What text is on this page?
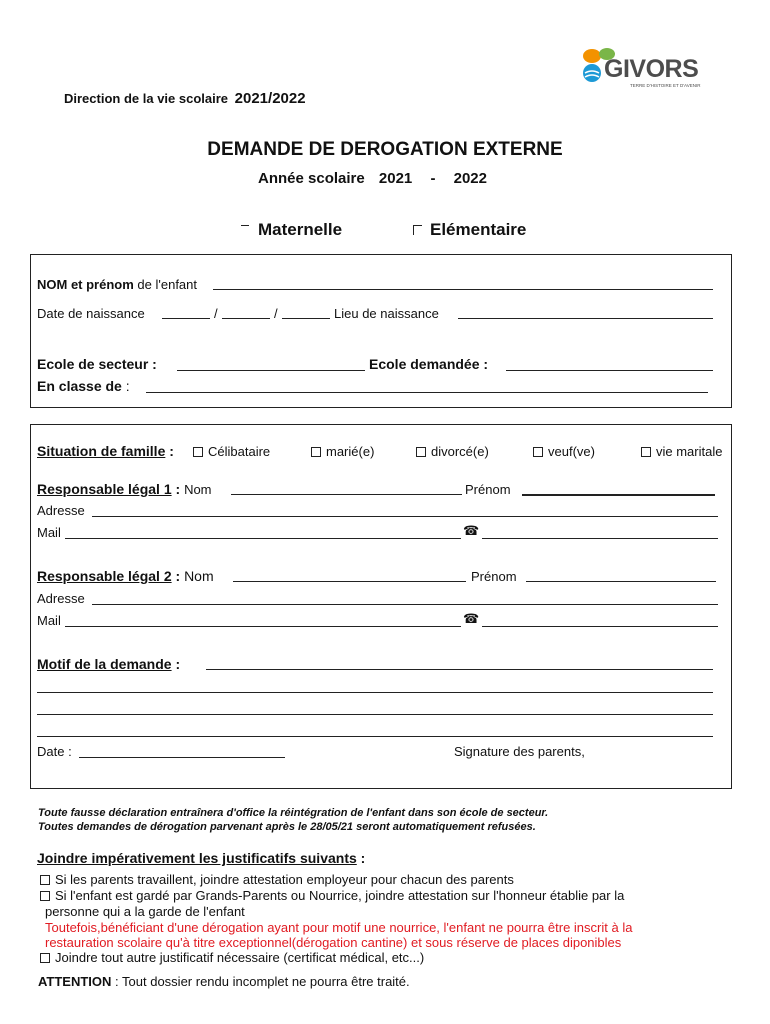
GIVORS
TERRE D'HISTOIRE ET D'AVENIR
Direction de la vie scolaire 2021/2022
DEMANDE DE DEROGATION EXTERNE
Année scolaire 2021 - 2022
Maternelle	Elémentaire
NOM et prénom de l'enfant
Date de naissance	/	/	Lieu de naissance
Ecole de secteur :	Ecole demandée :
En classe de :
Situation de famille :	Célibataire	marié(e)	divorcé(e)	veuf(ve)	vie maritale
Responsable légal 1 : Nom	Prénom
Adresse
Mail	☎
Responsable légal 2 : Nom	Prénom
Adresse
Mail	☎
Motif de la demande :
Date :	Signature des parents,
Toute fausse déclaration entraînera d'office la réintégration de l'enfant dans son école de secteur.
Toutes demandes de dérogation parvenant après le 28/05/21 seront automatiquement refusées.
Joindre impérativement les justificatifs suivants :
Si les parents travaillent, joindre attestation employeur pour chacun des parents
Si l'enfant est gardé par Grands-Parents ou Nourrice, joindre attestation sur l'honneur établie par la
personne qui a la garde de l'enfant
Toutefois,bénéficiant d'une dérogation ayant pour motif une nourrice, l'enfant ne pourra être inscrit à la
restauration scolaire qu'à titre exceptionnel(dérogation cantine) et sous réserve de places diponibles
Joindre tout autre justificatif nécessaire (certificat médical, etc...)
ATTENTION : Tout dossier rendu incomplet ne pourra être traité.
